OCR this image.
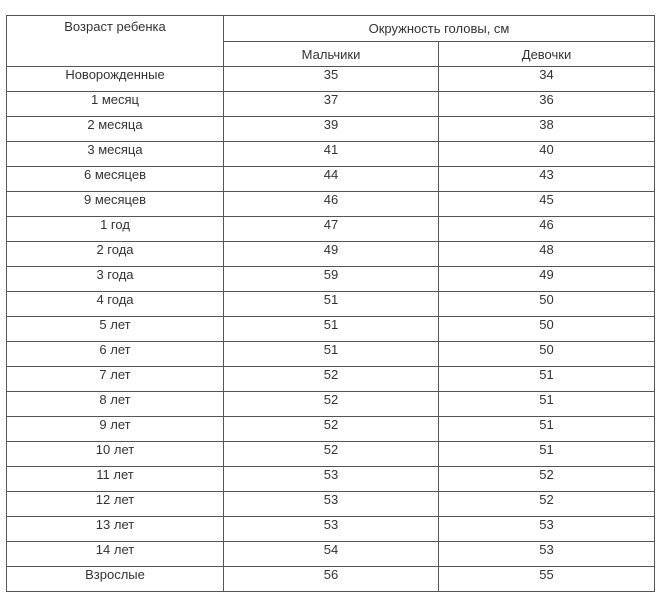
Возраст ребенка	Окружность головы, см	
	Мальчики	Девочки
Новорожденные	35	34
1 месяц	37	36
2 месяца	39	38
3 месяца	41	40
6 месяцев	44	43
9 месяцев	46	45
1 год	47	46
2 года	49	48
3 года	59	49
4 года	51	50
5 лет	51	50
6 лет	51	50
7 лет	52	51
8 лет	52	51
9 лет	52	51
10 лет	52	51
11 лет	53	52
12 лет	53	52
13 лет	53	53
14 лет	54	53
Взрослые	56	55
